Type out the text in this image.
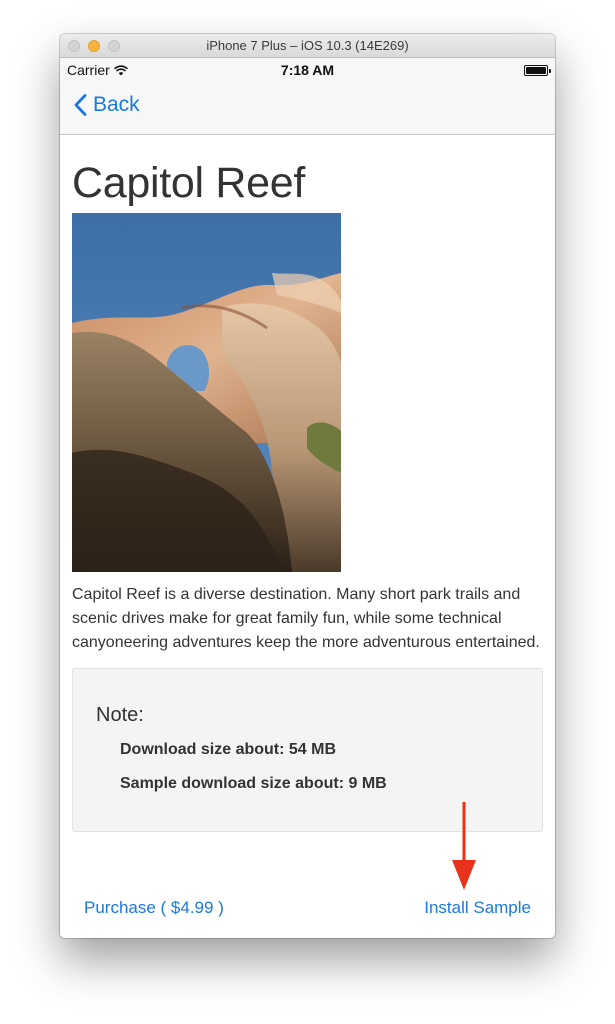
iPhone 7 Plus – iOS 10.3 (14E269)
Carrier	7:18 AM
Back
Capitol Reef
Capitol Reef is a diverse destination. Many short park trails and scenic drives make for great family fun, while some technical canyoneering adventures keep the more adventurous entertained.
Note:
Download size about: 54 MB
Sample download size about: 9 MB
Purchase ( $4.99 )	Install Sample
